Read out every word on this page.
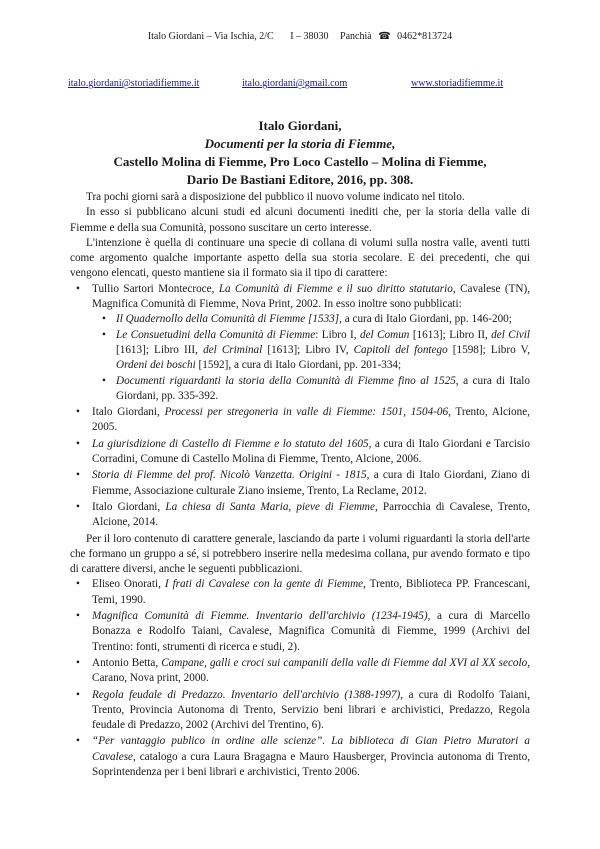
Italo Giordani – Via Ischia, 2/C I – 38030 Panchià ☎ 0462*813724
italo.giordani@storiadifiemme.it	italo.giordani@gmail.com	www.storiadifiemme.it
Italo Giordani,
Documenti per la storia di Fiemme,
Castello Molina di Fiemme, Pro Loco Castello – Molina di Fiemme,
Dario De Bastiani Editore, 2016, pp. 308.

Tra pochi giorni sarà a disposizione del pubblico il nuovo volume indicato nel titolo.

In esso si pubblicano alcuni studi ed alcuni documenti inediti che, per la storia della valle di Fiemme e della sua Comunità, possono suscitare un certo interesse.

L'intenzione è quella di continuare una specie di collana di volumi sulla nostra valle, aventi tutti come argomento qualche importante aspetto della sua storia secolare. E dei precedenti, che qui vengono elencati, questo mantiene sia il formato sia il tipo di carattere:

• Tullio Sartori Montecroce, La Comunità di Fiemme e il suo diritto statutario, Cavalese (TN), Magnifica Comunità di Fiemme, Nova Print, 2002. In esso inoltre sono pubblicati:
• Il Quadernollo della Comunità di Fiemme [1533], a cura di Italo Giordani, pp. 146-200;
• Le Consuetudini della Comunità di Fiemme: Libro I, del Comun [1613]; Libro II, del Civil [1613]; Libro III, del Criminal [1613]; Libro IV, Capitoli del fontego [1598]; Libro V, Ordeni dei boschi [1592], a cura di Italo Giordani, pp. 201-334;
• Documenti riguardanti la storia della Comunità di Fiemme fino al 1525, a cura di Italo Giordani, pp. 335-392.
• Italo Giordani, Processi per stregoneria in valle di Fiemme: 1501, 1504-06, Trento, Alcione, 2005.
• La giurisdizione di Castello di Fiemme e lo statuto del 1605, a cura di Italo Giordani e Tarcisio Corradini, Comune di Castello Molina di Fiemme, Trento, Alcione, 2006.
• Storia di Fiemme del prof. Nicolò Vanzetta. Origini - 1815, a cura di Italo Giordani, Ziano di Fiemme, Associazione culturale Ziano insieme, Trento, La Reclame, 2012.
• Italo Giordani, La chiesa di Santa Maria, pieve di Fiemme, Parrocchia di Cavalese, Trento, Alcione, 2014.

Per il loro contenuto di carattere generale, lasciando da parte i volumi riguardanti la storia dell'arte che formano un gruppo a sé, si potrebbero inserire nella medesima collana, pur avendo formato e tipo di carattere diversi, anche le seguenti pubblicazioni.

• Eliseo Onorati, I frati di Cavalese con la gente di Fiemme, Trento, Biblioteca PP. Francescani, Temi, 1990.
• Magnifica Comunità di Fiemme. Inventario dell'archivio (1234-1945), a cura di Marcello Bonazza e Rodolfo Taiani, Cavalese, Magnifica Comunità di Fiemme, 1999 (Archivi del Trentino: fonti, strumenti di ricerca e studi, 2).
• Antonio Betta, Campane, galli e croci sui campanili della valle di Fiemme dal XVI al XX secolo, Carano, Nova print, 2000.
• Regola feudale di Predazzo. Inventario dell'archivio (1388-1997), a cura di Rodolfo Taiani, Trento, Provincia Autonoma di Trento, Servizio beni librari e archivistici, Predazzo, Regola feudale di Predazzo, 2002 (Archivi del Trentino, 6).
• “Per vantaggio publico in ordine alle scienze”. La biblioteca di Gian Pietro Muratori a Cavalese, catalogo a cura Laura Bragagna e Mauro Hausberger, Provincia autonoma di Trento, Soprintendenza per i beni librari e archivistici, Trento 2006.
